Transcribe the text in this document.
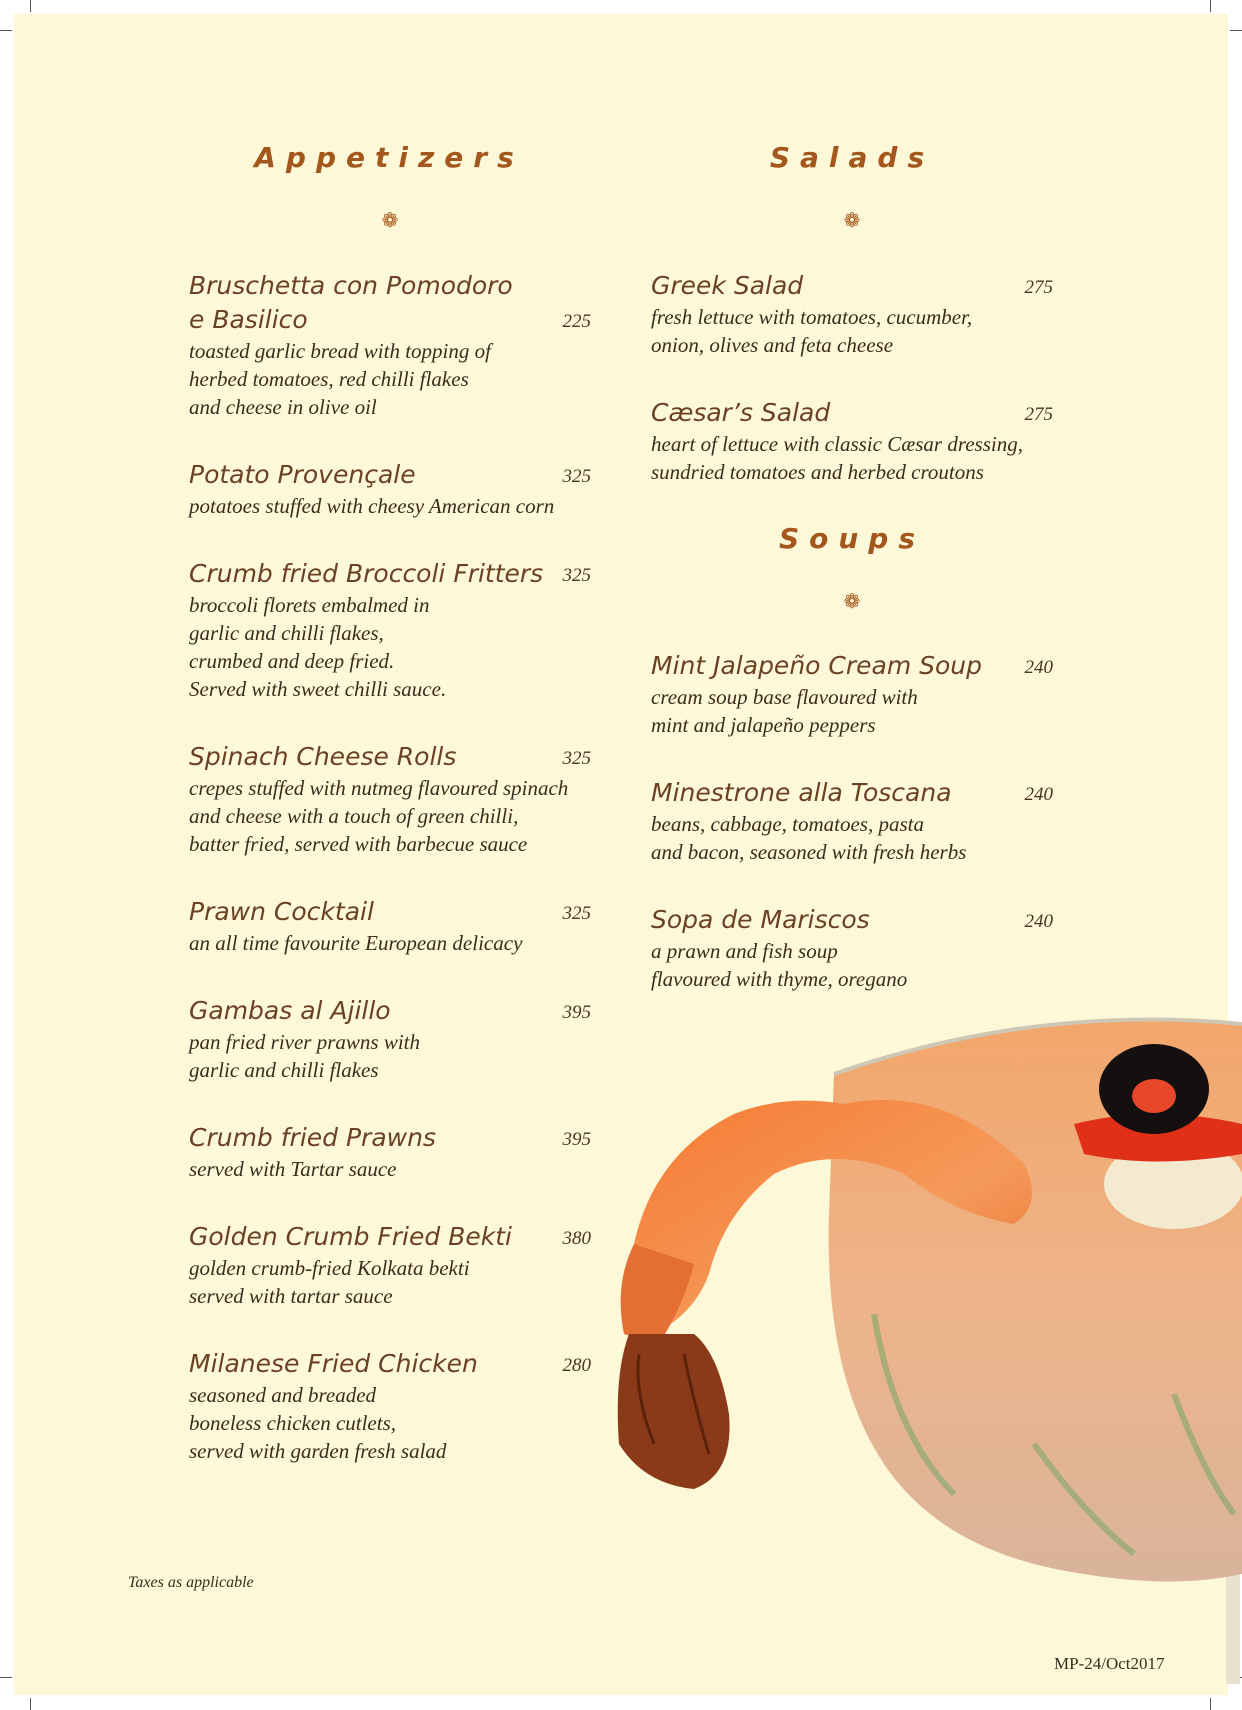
Appetizers
❁
Salads
❁
Soups
❁
Bruschetta con Pomodoro
e Basilico	225
toasted garlic bread with topping of
herbed tomatoes, red chilli flakes
and cheese in olive oil
Potato Provençale	325
potatoes stuffed with cheesy American corn
Crumb fried Broccoli Fritters 325
broccoli florets embalmed in
garlic and chilli flakes,
crumbed and deep fried.
Served with sweet chilli sauce.
Spinach Cheese Rolls	325
crepes stuffed with nutmeg flavoured spinach
and cheese with a touch of green chilli,
batter fried, served with barbecue sauce
Prawn Cocktail	325
an all time favourite European delicacy
Gambas al Ajillo	395
pan fried river prawns with
garlic and chilli flakes
Crumb fried Prawns	395
served with Tartar sauce
Golden Crumb Fried Bekti	380
golden crumb-fried Kolkata bekti
served with tartar sauce
Milanese Fried Chicken	280
seasoned and breaded
boneless chicken cutlets,
served with garden fresh salad
Greek Salad	275
fresh lettuce with tomatoes, cucumber,
onion, olives and feta cheese
Cæsar’s Salad	275
heart of lettuce with classic Cæsar dressing,
sundried tomatoes and herbed croutons
Mint Jalapeño Cream Soup 240
cream soup base flavoured with
mint and jalapeño peppers
Minestrone alla Toscana	240
beans, cabbage, tomatoes, pasta
and bacon, seasoned with fresh herbs
Sopa de Mariscos	240
a prawn and fish soup
flavoured with thyme, oregano
Taxes as applicable
MP-24/Oct2017
